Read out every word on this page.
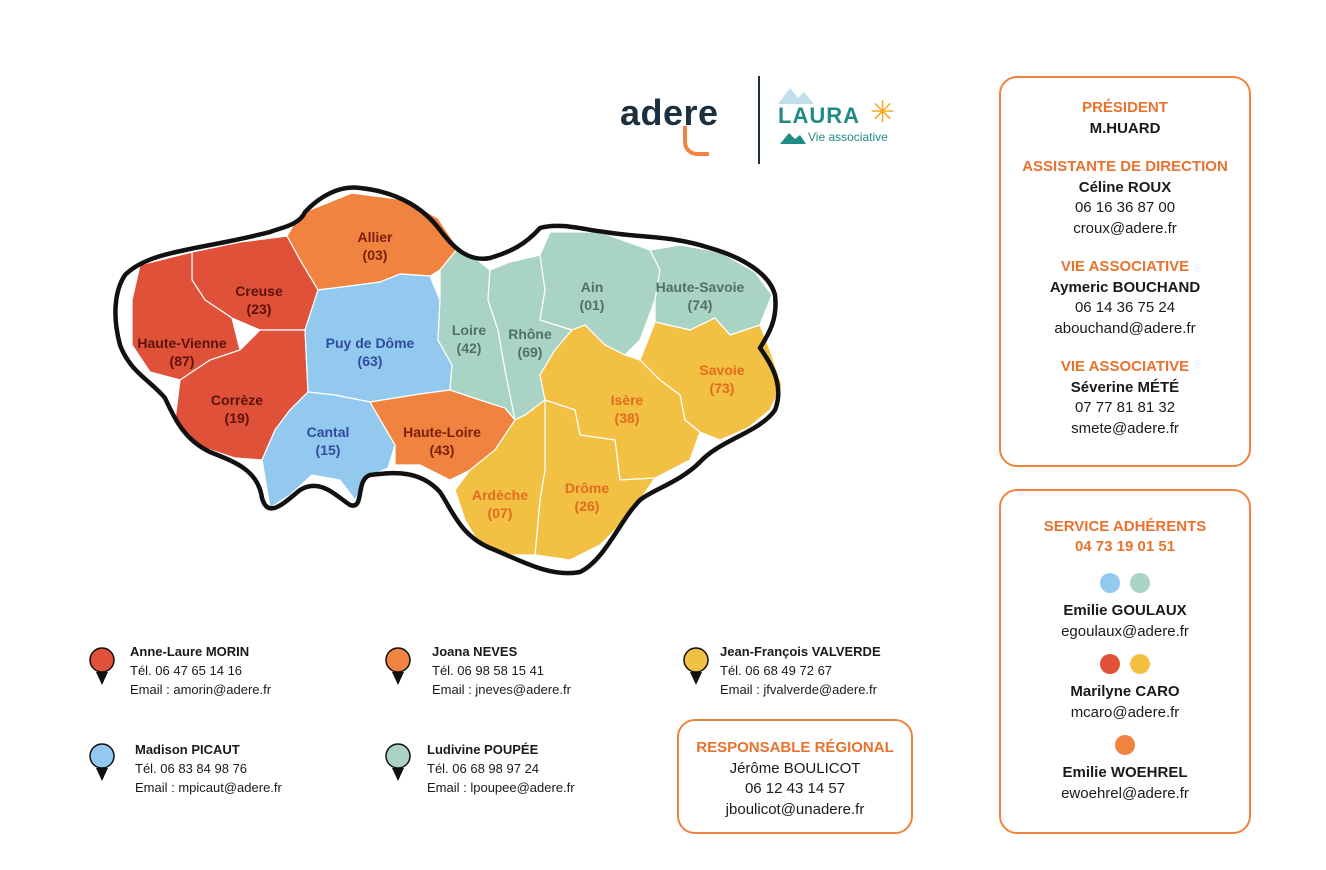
adere	LAURA ✳
Vie associative
Allier
(03)
Creuse
(23)
Haute-Vienne
(87)
Corrèze
(19)
Puy de Dôme
(63)
Cantal
(15)
Haute-Loire
(43)
Loire
(42)
Rhône
(69)
Ain
(01)
Haute-Savoie
(74)
Savoie
(73)
Isère
(38)
Ardèche
(07)
Drôme
(26)
PRÉSIDENT
M.HUARD
ASSISTANTE DE DIRECTION
Céline ROUX
06 16 36 87 00
croux@adere.fr
VIE ASSOCIATIVE
Aymeric BOUCHAND
06 14 36 75 24
abouchand@adere.fr
VIE ASSOCIATIVE
Séverine MÉTÉ
07 77 81 81 32
smete@adere.fr
SERVICE ADHÉRENTS
04 73 19 01 51
Emilie GOULAUX
egoulaux@adere.fr
Marilyne CARO
mcaro@adere.fr
Emilie WOEHREL
ewoehrel@adere.fr
RESPONSABLE RÉGIONAL
Jérôme BOULICOT
06 12 43 14 57
jboulicot@unadere.fr
Anne-Laure MORIN
Tél. 06 47 65 14 16
Email : amorin@adere.fr
Joana NEVES
Tél. 06 98 58 15 41
Email : jneves@adere.fr
Jean-François VALVERDE
Tél. 06 68 49 72 67
Email : jfvalverde@adere.fr
Madison PICAUT
Tél. 06 83 84 98 76
Email : mpicaut@adere.fr
Ludivine POUPÉE
Tél. 06 68 98 97 24
Email : lpoupee@adere.fr
